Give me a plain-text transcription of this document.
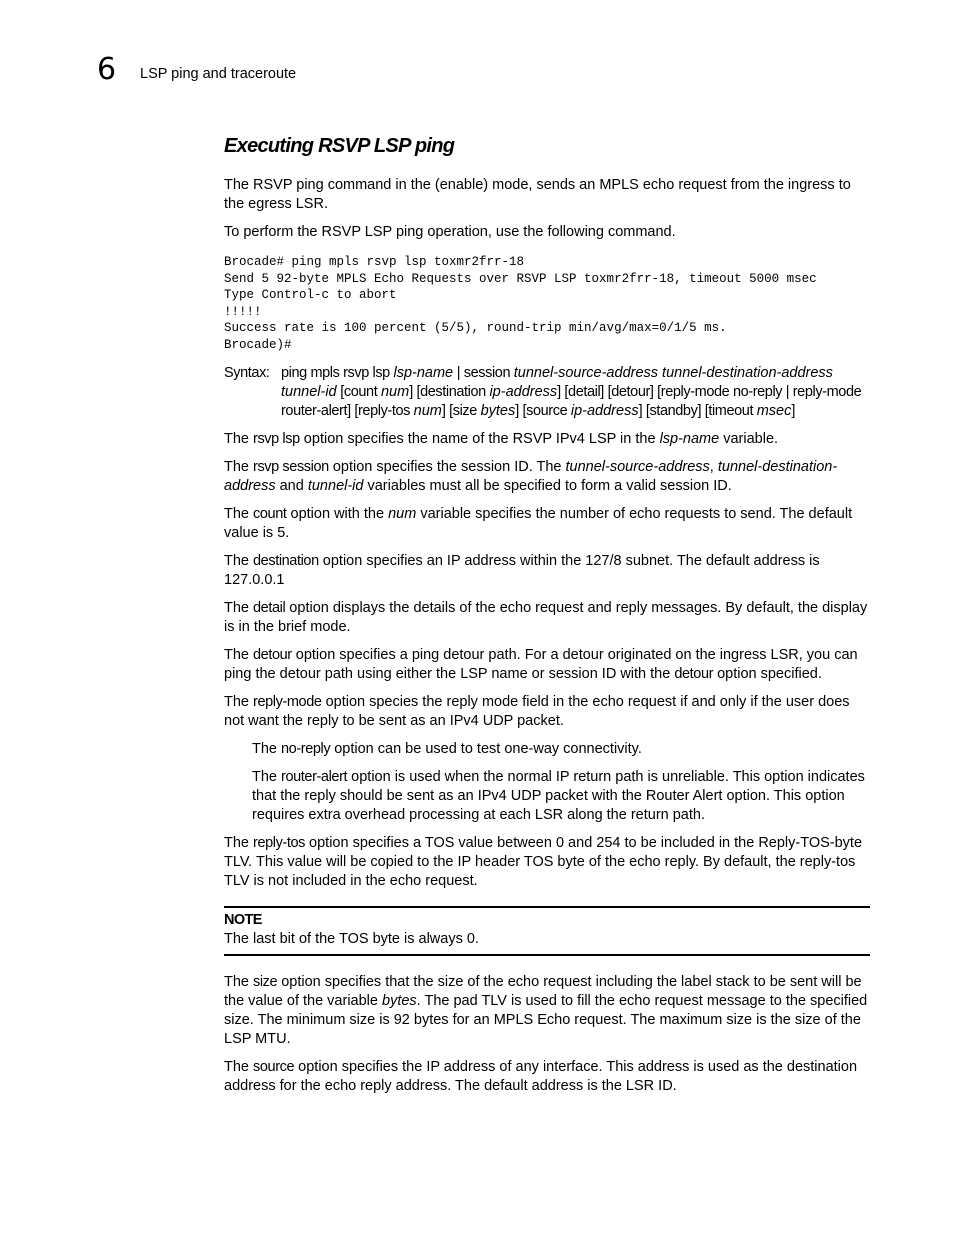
6 LSP ping and traceroute
Executing RSVP LSP ping

The RSVP ping command in the (enable) mode, sends an MPLS echo request from the ingress to the egress LSR.

To perform the RSVP LSP ping operation, use the following command.

Brocade# ping mpls rsvp lsp toxmr2frr-18
Send 5 92-byte MPLS Echo Requests over RSVP LSP toxmr2frr-18, timeout 5000 msec
Type Control-c to abort
!!!!!
Success rate is 100 percent (5/5), round-trip min/avg/max=0/1/5 ms.
Brocade)#
Syntax: ping mpls rsvp lsp lsp-name | session tunnel-source-address tunnel-destination-address tunnel-id [count num] [destination ip-address] [detail] [detour] [reply-mode no-reply | reply-mode router-alert] [reply-tos num] [size bytes] [source ip-address] [standby] [timeout msec]

The rsvp lsp option specifies the name of the RSVP IPv4 LSP in the lsp-name variable.

The rsvp session option specifies the session ID. The tunnel-source-address, tunnel-destination-address and tunnel-id variables must all be specified to form a valid session ID.

The count option with the num variable specifies the number of echo requests to send. The default value is 5.

The destination option specifies an IP address within the 127/8 subnet. The default address is 127.0.0.1

The detail option displays the details of the echo request and reply messages. By default, the display is in the brief mode.

The detour option specifies a ping detour path. For a detour originated on the ingress LSR, you can ping the detour path using either the LSP name or session ID with the detour option specified.

The reply-mode option species the reply mode field in the echo request if and only if the user does not want the reply to be sent as an IPv4 UDP packet.

The no-reply option can be used to test one-way connectivity.

The router-alert option is used when the normal IP return path is unreliable. This option indicates that the reply should be sent as an IPv4 UDP packet with the Router Alert option. This option requires extra overhead processing at each LSR along the return path.

The reply-tos option specifies a TOS value between 0 and 254 to be included in the Reply-TOS-byte TLV. This value will be copied to the IP header TOS byte of the echo reply. By default, the reply-tos TLV is not included in the echo request.

NOTE
The last bit of the TOS byte is always 0.

The size option specifies that the size of the echo request including the label stack to be sent will be the value of the variable bytes. The pad TLV is used to fill the echo request message to the specified size. The minimum size is 92 bytes for an MPLS Echo request. The maximum size is the size of the LSP MTU.

The source option specifies the IP address of any interface. This address is used as the destination address for the echo reply address. The default address is the LSR ID.
